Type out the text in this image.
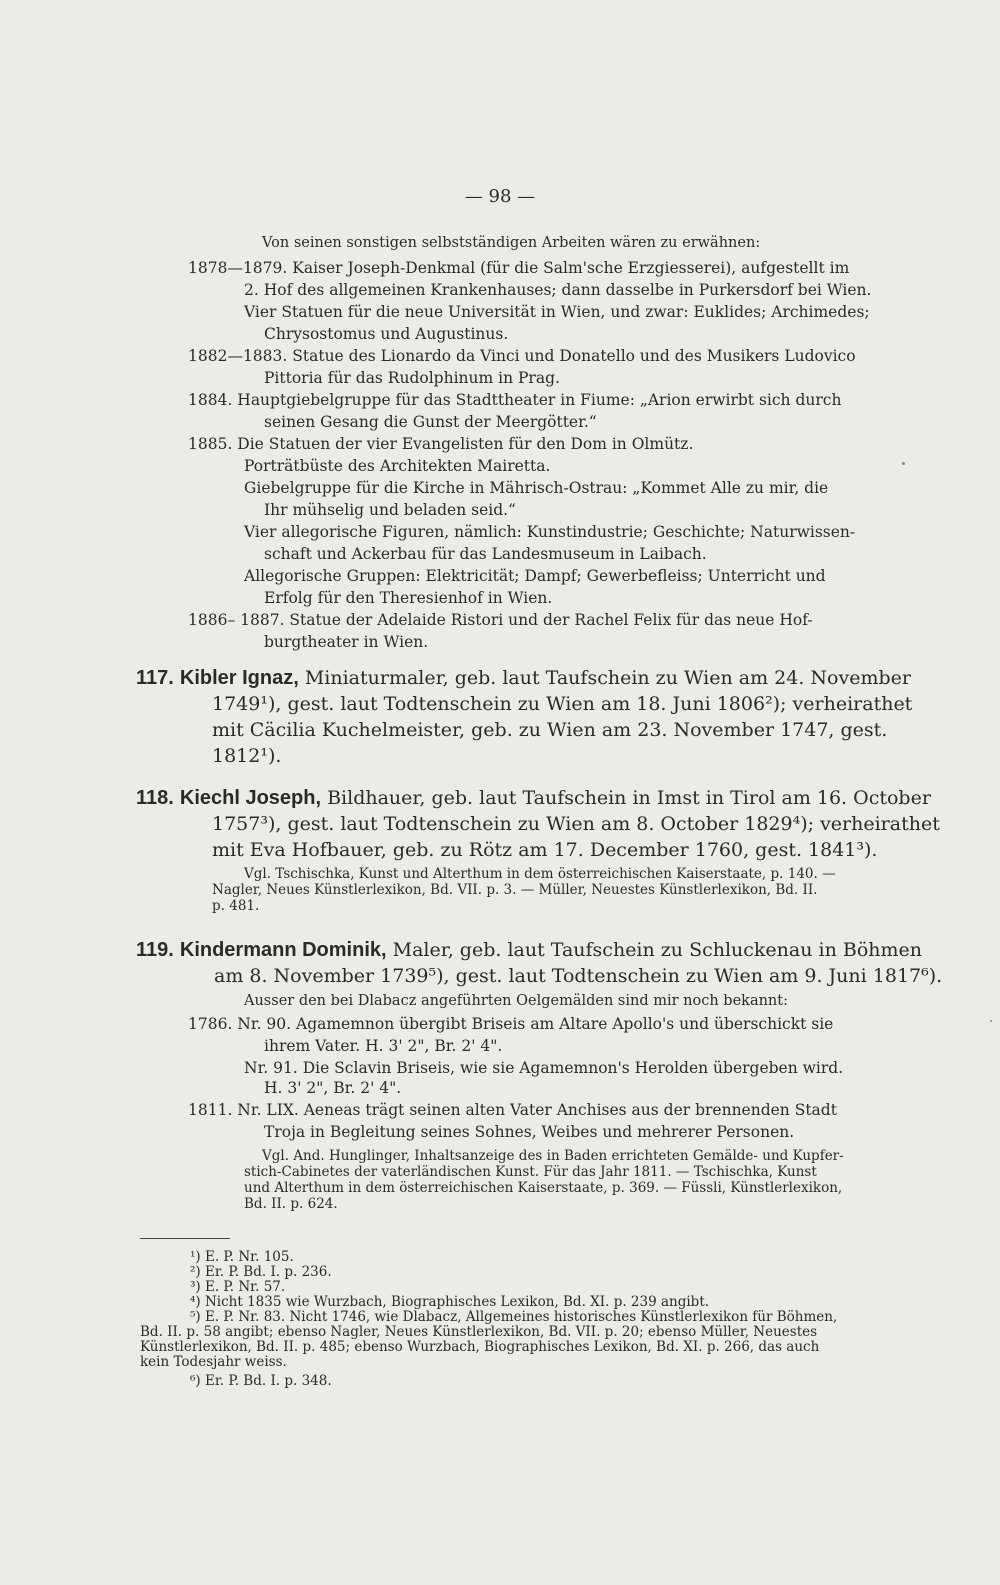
— 98 —
Von seinen sonstigen selbstständigen Arbeiten wären zu erwähnen:
1878—1879. Kaiser Joseph-Denkmal (für die Salm'sche Erzgiesserei), aufgestellt im
2. Hof des allgemeinen Krankenhauses; dann dasselbe in Purkersdorf bei Wien.
Vier Statuen für die neue Universität in Wien, und zwar: Euklides; Archimedes;
Chrysostomus und Augustinus.
1882—1883. Statue des Lionardo da Vinci und Donatello und des Musikers Ludovico
Pittoria für das Rudolphinum in Prag.
1884. Hauptgiebelgruppe für das Stadttheater in Fiume: „Arion erwirbt sich durch
seinen Gesang die Gunst der Meergötter.“
1885. Die Statuen der vier Evangelisten für den Dom in Olmütz.
Porträtbüste des Architekten Mairetta.
Giebelgruppe für die Kirche in Mährisch-Ostrau: „Kommet Alle zu mir, die
Ihr mühselig und beladen seid.“
Vier allegorische Figuren, nämlich: Kunstindustrie; Geschichte; Naturwissen-
schaft und Ackerbau für das Landesmuseum in Laibach.
Allegorische Gruppen: Elektricität; Dampf; Gewerbefleiss; Unterricht und
Erfolg für den Theresienhof in Wien.
1886– 1887. Statue der Adelaide Ristori und der Rachel Felix für das neue Hof-
burgtheater in Wien.
117. Kibler Ignaz, Miniaturmaler, geb. laut Taufschein zu Wien am 24. November
1749¹), gest. laut Todtenschein zu Wien am 18. Juni 1806²); verheirathet
mit Cäcilia Kuchelmeister, geb. zu Wien am 23. November 1747, gest.
1812¹).
118. Kiechl Joseph, Bildhauer, geb. laut Taufschein in Imst in Tirol am 16. October
1757³), gest. laut Todtenschein zu Wien am 8. October 1829⁴); verheirathet
mit Eva Hofbauer, geb. zu Rötz am 17. December 1760, gest. 1841³).
Vgl. Tschischka, Kunst und Alterthum in dem österreichischen Kaiserstaate, p. 140. —
Nagler, Neues Künstlerlexikon, Bd. VII. p. 3. — Müller, Neuestes Künstlerlexikon, Bd. II.
p. 481.
119. Kindermann Dominik, Maler, geb. laut Taufschein zu Schluckenau in Böhmen
am 8. November 1739⁵), gest. laut Todtenschein zu Wien am 9. Juni 1817⁶).
Ausser den bei Dlabacz angeführten Oelgemälden sind mir noch bekannt:
1786. Nr. 90. Agamemnon übergibt Briseis am Altare Apollo's und überschickt sie
ihrem Vater. H. 3' 2", Br. 2' 4".
Nr. 91. Die Sclavin Briseis, wie sie Agamemnon's Herolden übergeben wird.
H. 3' 2", Br. 2' 4".
1811. Nr. LIX. Aeneas trägt seinen alten Vater Anchises aus der brennenden Stadt
Troja in Begleitung seines Sohnes, Weibes und mehrerer Personen.
Vgl. And. Hunglinger, Inhaltsanzeige des in Baden errichteten Gemälde- und Kupfer-
stich-Cabinetes der vaterländischen Kunst. Für das Jahr 1811. — Tschischka, Kunst
und Alterthum in dem österreichischen Kaiserstaate, p. 369. — Füssli, Künstlerlexikon,
Bd. II. p. 624.
¹) E. P. Nr. 105.
²) Er. P. Bd. I. p. 236.
³) E. P. Nr. 57.
⁴) Nicht 1835 wie Wurzbach, Biographisches Lexikon, Bd. XI. p. 239 angibt.
⁵) E. P. Nr. 83. Nicht 1746, wie Dlabacz, Allgemeines historisches Künstlerlexikon für Böhmen,
Bd. II. p. 58 angibt; ebenso Nagler, Neues Künstlerlexikon, Bd. VII. p. 20; ebenso Müller, Neuestes
Künstlerlexikon, Bd. II. p. 485; ebenso Wurzbach, Biographisches Lexikon, Bd. XI. p. 266, das auch
kein Todesjahr weiss.
⁶) Er. P. Bd. I. p. 348.
